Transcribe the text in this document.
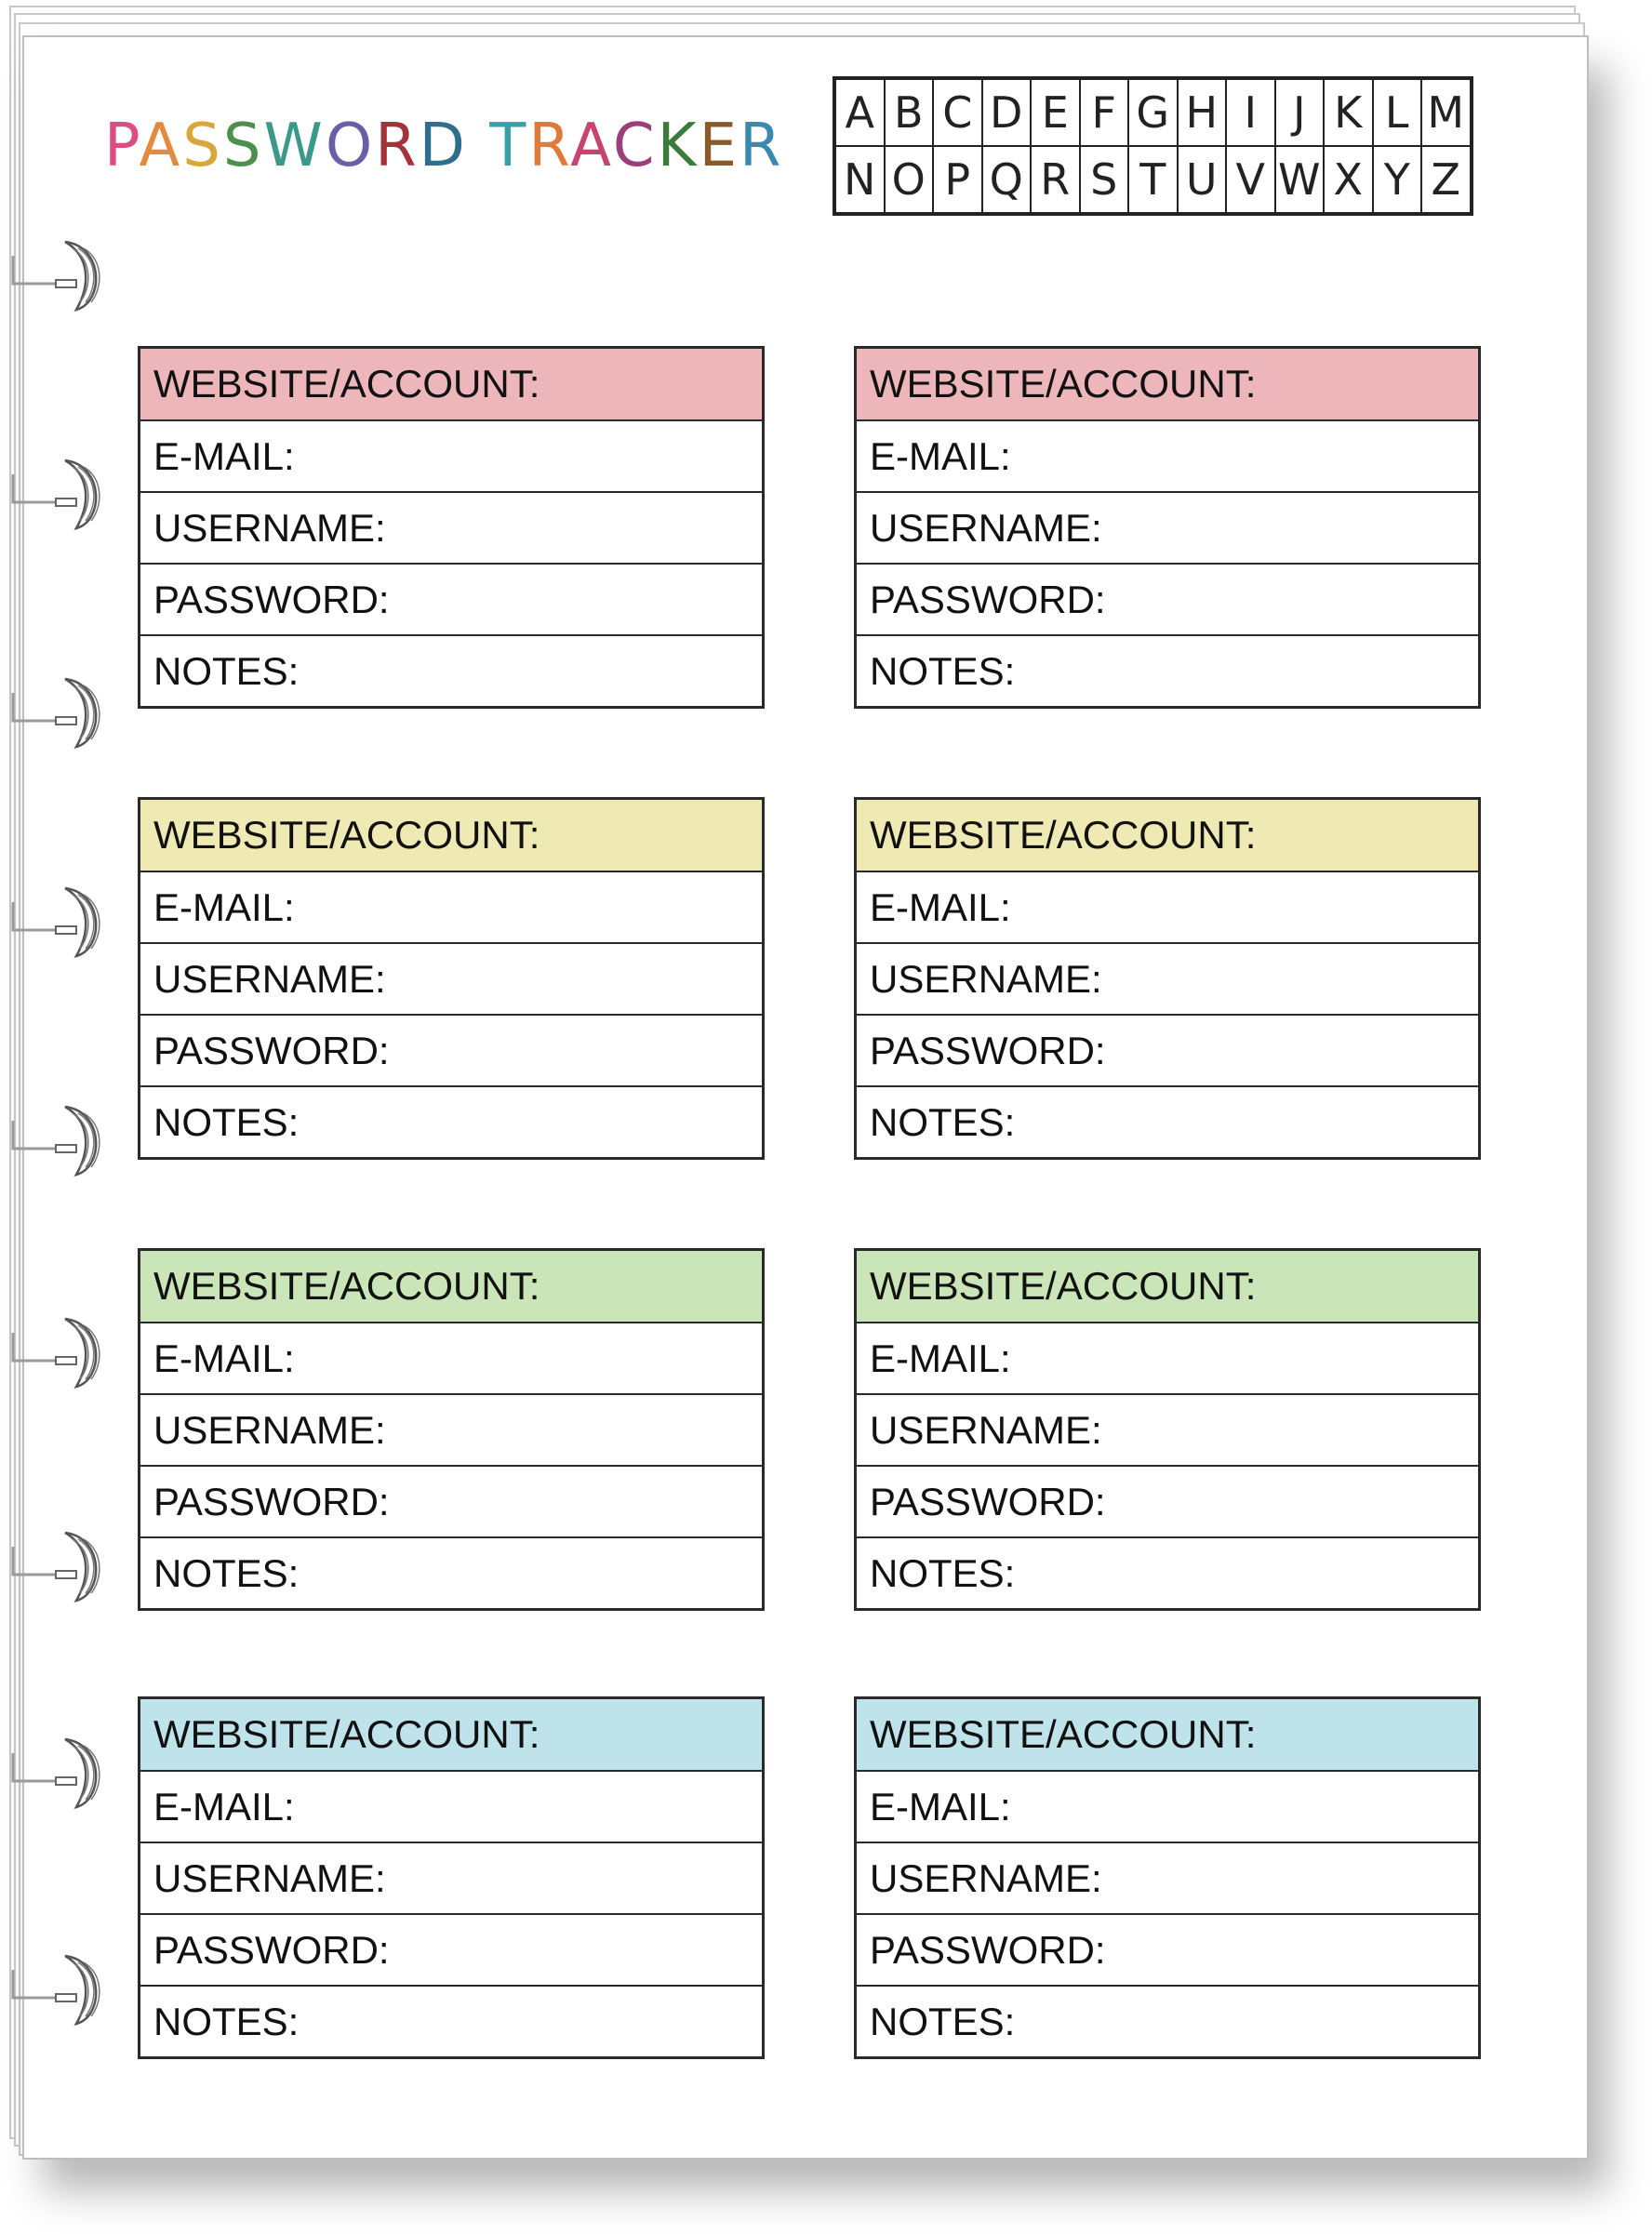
PASSWORD TRACKER A	B	C	D	E	F	G	H	I	J	K	L	M
N	O	P	Q	R	S	T	U	V	W	X	Y	Z
WEBSITE/ACCOUNT:
E-MAIL:
USERNAME:
PASSWORD:
NOTES:
WEBSITE/ACCOUNT:
E-MAIL:
USERNAME:
PASSWORD:
NOTES:
WEBSITE/ACCOUNT:
E-MAIL:
USERNAME:
PASSWORD:
NOTES:
WEBSITE/ACCOUNT:
E-MAIL:
USERNAME:
PASSWORD:
NOTES:
WEBSITE/ACCOUNT:
E-MAIL:
USERNAME:
PASSWORD:
NOTES:
WEBSITE/ACCOUNT:
E-MAIL:
USERNAME:
PASSWORD:
NOTES:
WEBSITE/ACCOUNT:
E-MAIL:
USERNAME:
PASSWORD:
NOTES:
WEBSITE/ACCOUNT:
E-MAIL:
USERNAME:
PASSWORD:
NOTES:
